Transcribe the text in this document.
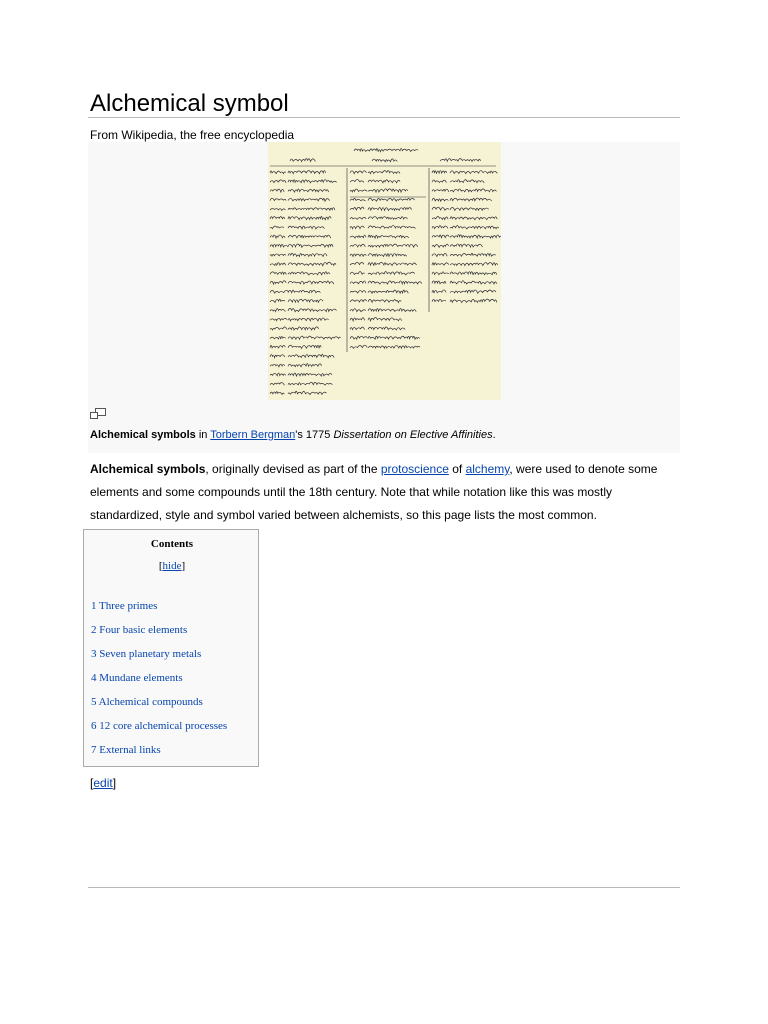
Alchemical symbol
From Wikipedia, the free encyclopedia
Alchemical symbols in Torbern Bergman's 1775 Dissertation on Elective Affinities.

Alchemical symbols, originally devised as part of the protoscience of alchemy, were used to denote some elements and some compounds until the 18th century. Note that while notation like this was mostly standardized, style and symbol varied between alchemists, so this page lists the most common.

Contents
[hide]
1 Three primes
2 Four basic elements
3 Seven planetary metals
4 Mundane elements
5 Alchemical compounds
6 12 core alchemical processes
7 External links
[edit]
